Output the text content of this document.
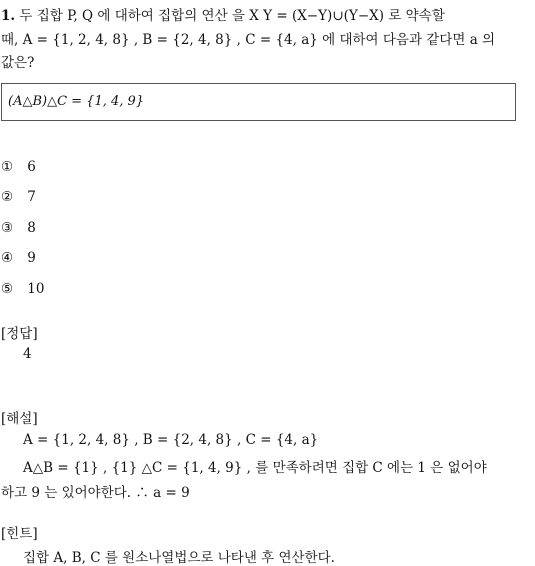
1. 두 집합 P, Q 에 대하여 집합의 연산 을 X Y = (X−Y)∪(Y−X) 로 약속할
때, A = {1, 2, 4, 8} , B = {2, 4, 8} , C = {4, a} 에 대하여 다음과 같다면 a 의
값은?
(A△B)△C = {1, 4, 9}
① 6
② 7
③ 8
④ 9
⑤ 10
[정답]
4
[해설]
A = {1, 2, 4, 8} , B = {2, 4, 8} , C = {4, a}
A△B = {1} , {1} △C = {1, 4, 9} , 를 만족하려면 집합 C 에는 1 은 없어야
하고 9 는 있어야한다. ∴ a = 9
[힌트]
집합 A, B, C 를 원소나열법으로 나타낸 후 연산한다.
